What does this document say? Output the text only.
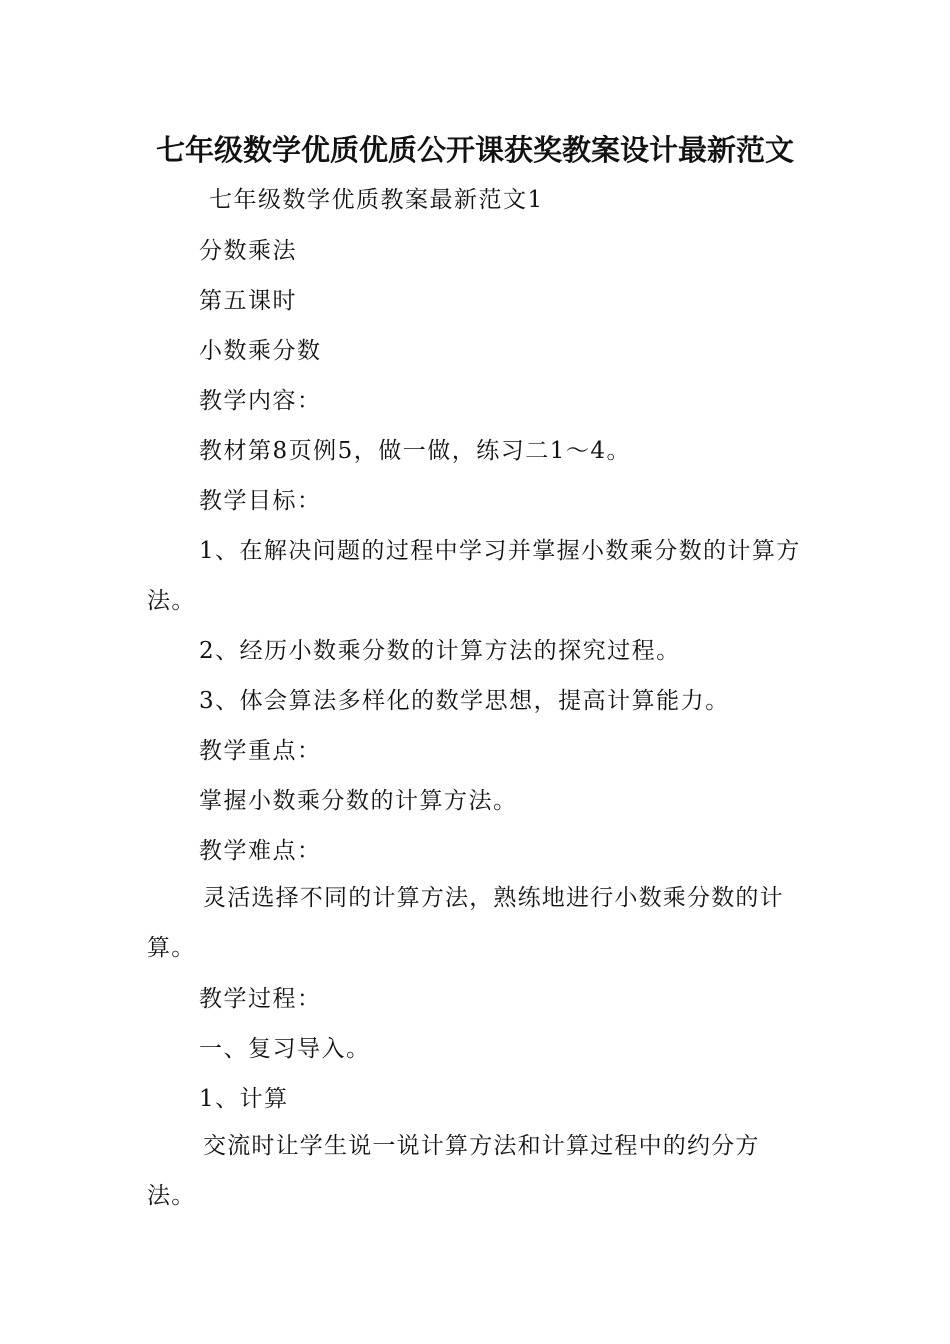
七年级数学优质优质公开课获奖教案设计最新范文
七年级数学优质教案最新范文1
分数乘法
第五课时
小数乘分数
教学内容：
教材第8页例5，做一做，练习二1～4。
教学目标：
1、在解决问题的过程中学习并掌握小数乘分数的计算方法。
2、经历小数乘分数的计算方法的探究过程。
3、体会算法多样化的数学思想，提高计算能力。
教学重点：
掌握小数乘分数的计算方法。
教学难点：
灵活选择不同的计算方法，熟练地进行小数乘分数的计算。
教学过程：
一、复习导入。
1、计算
交流时让学生说一说计算方法和计算过程中的约分方法。
